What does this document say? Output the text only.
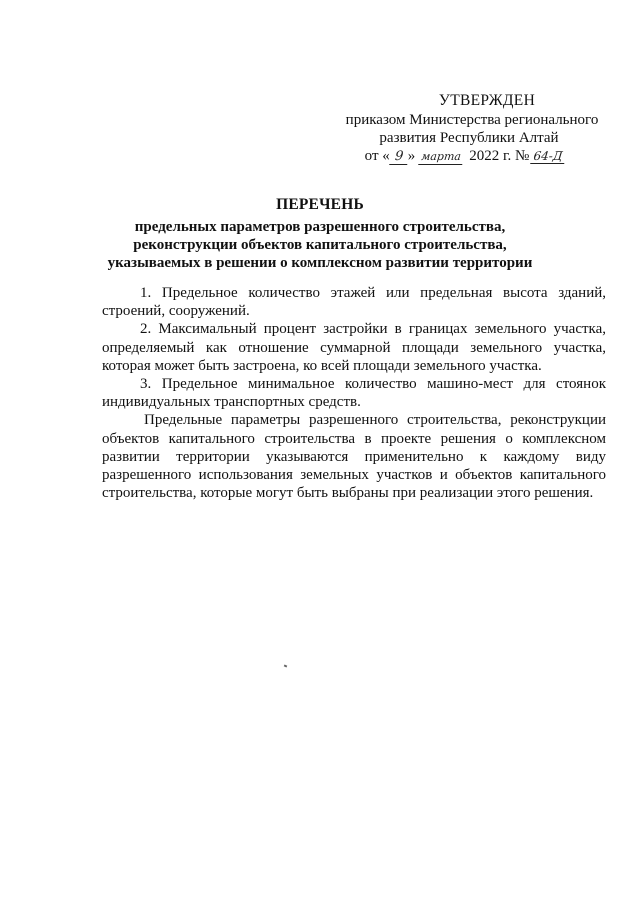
УТВЕРЖДЕН
приказом Министерства регионального
развития Республики Алтай
от « 9 » марта 2022 г. № 64-Д
ПЕРЕЧЕНЬ
предельных параметров разрешенного строительства, реконструкции объектов капитального строительства, указываемых в решении о комплексном развитии территории

1. Предельное количество этажей или предельная высота зданий, строений, сооружений.

2. Максимальный процент застройки в границах земельного участка, определяемый как отношение суммарной площади земельного участка, которая может быть застроена, ко всей площади земельного участка.

3. Предельное минимальное количество машино-мест для стоянок индивидуальных транспортных средств.

Предельные параметры разрешенного строительства, реконструкции объектов капитального строительства в проекте решения о комплексном развитии территории указываются применительно к каждому виду разрешенного использования земельных участков и объектов капитального строительства, которые могут быть выбраны при реализации этого решения.
